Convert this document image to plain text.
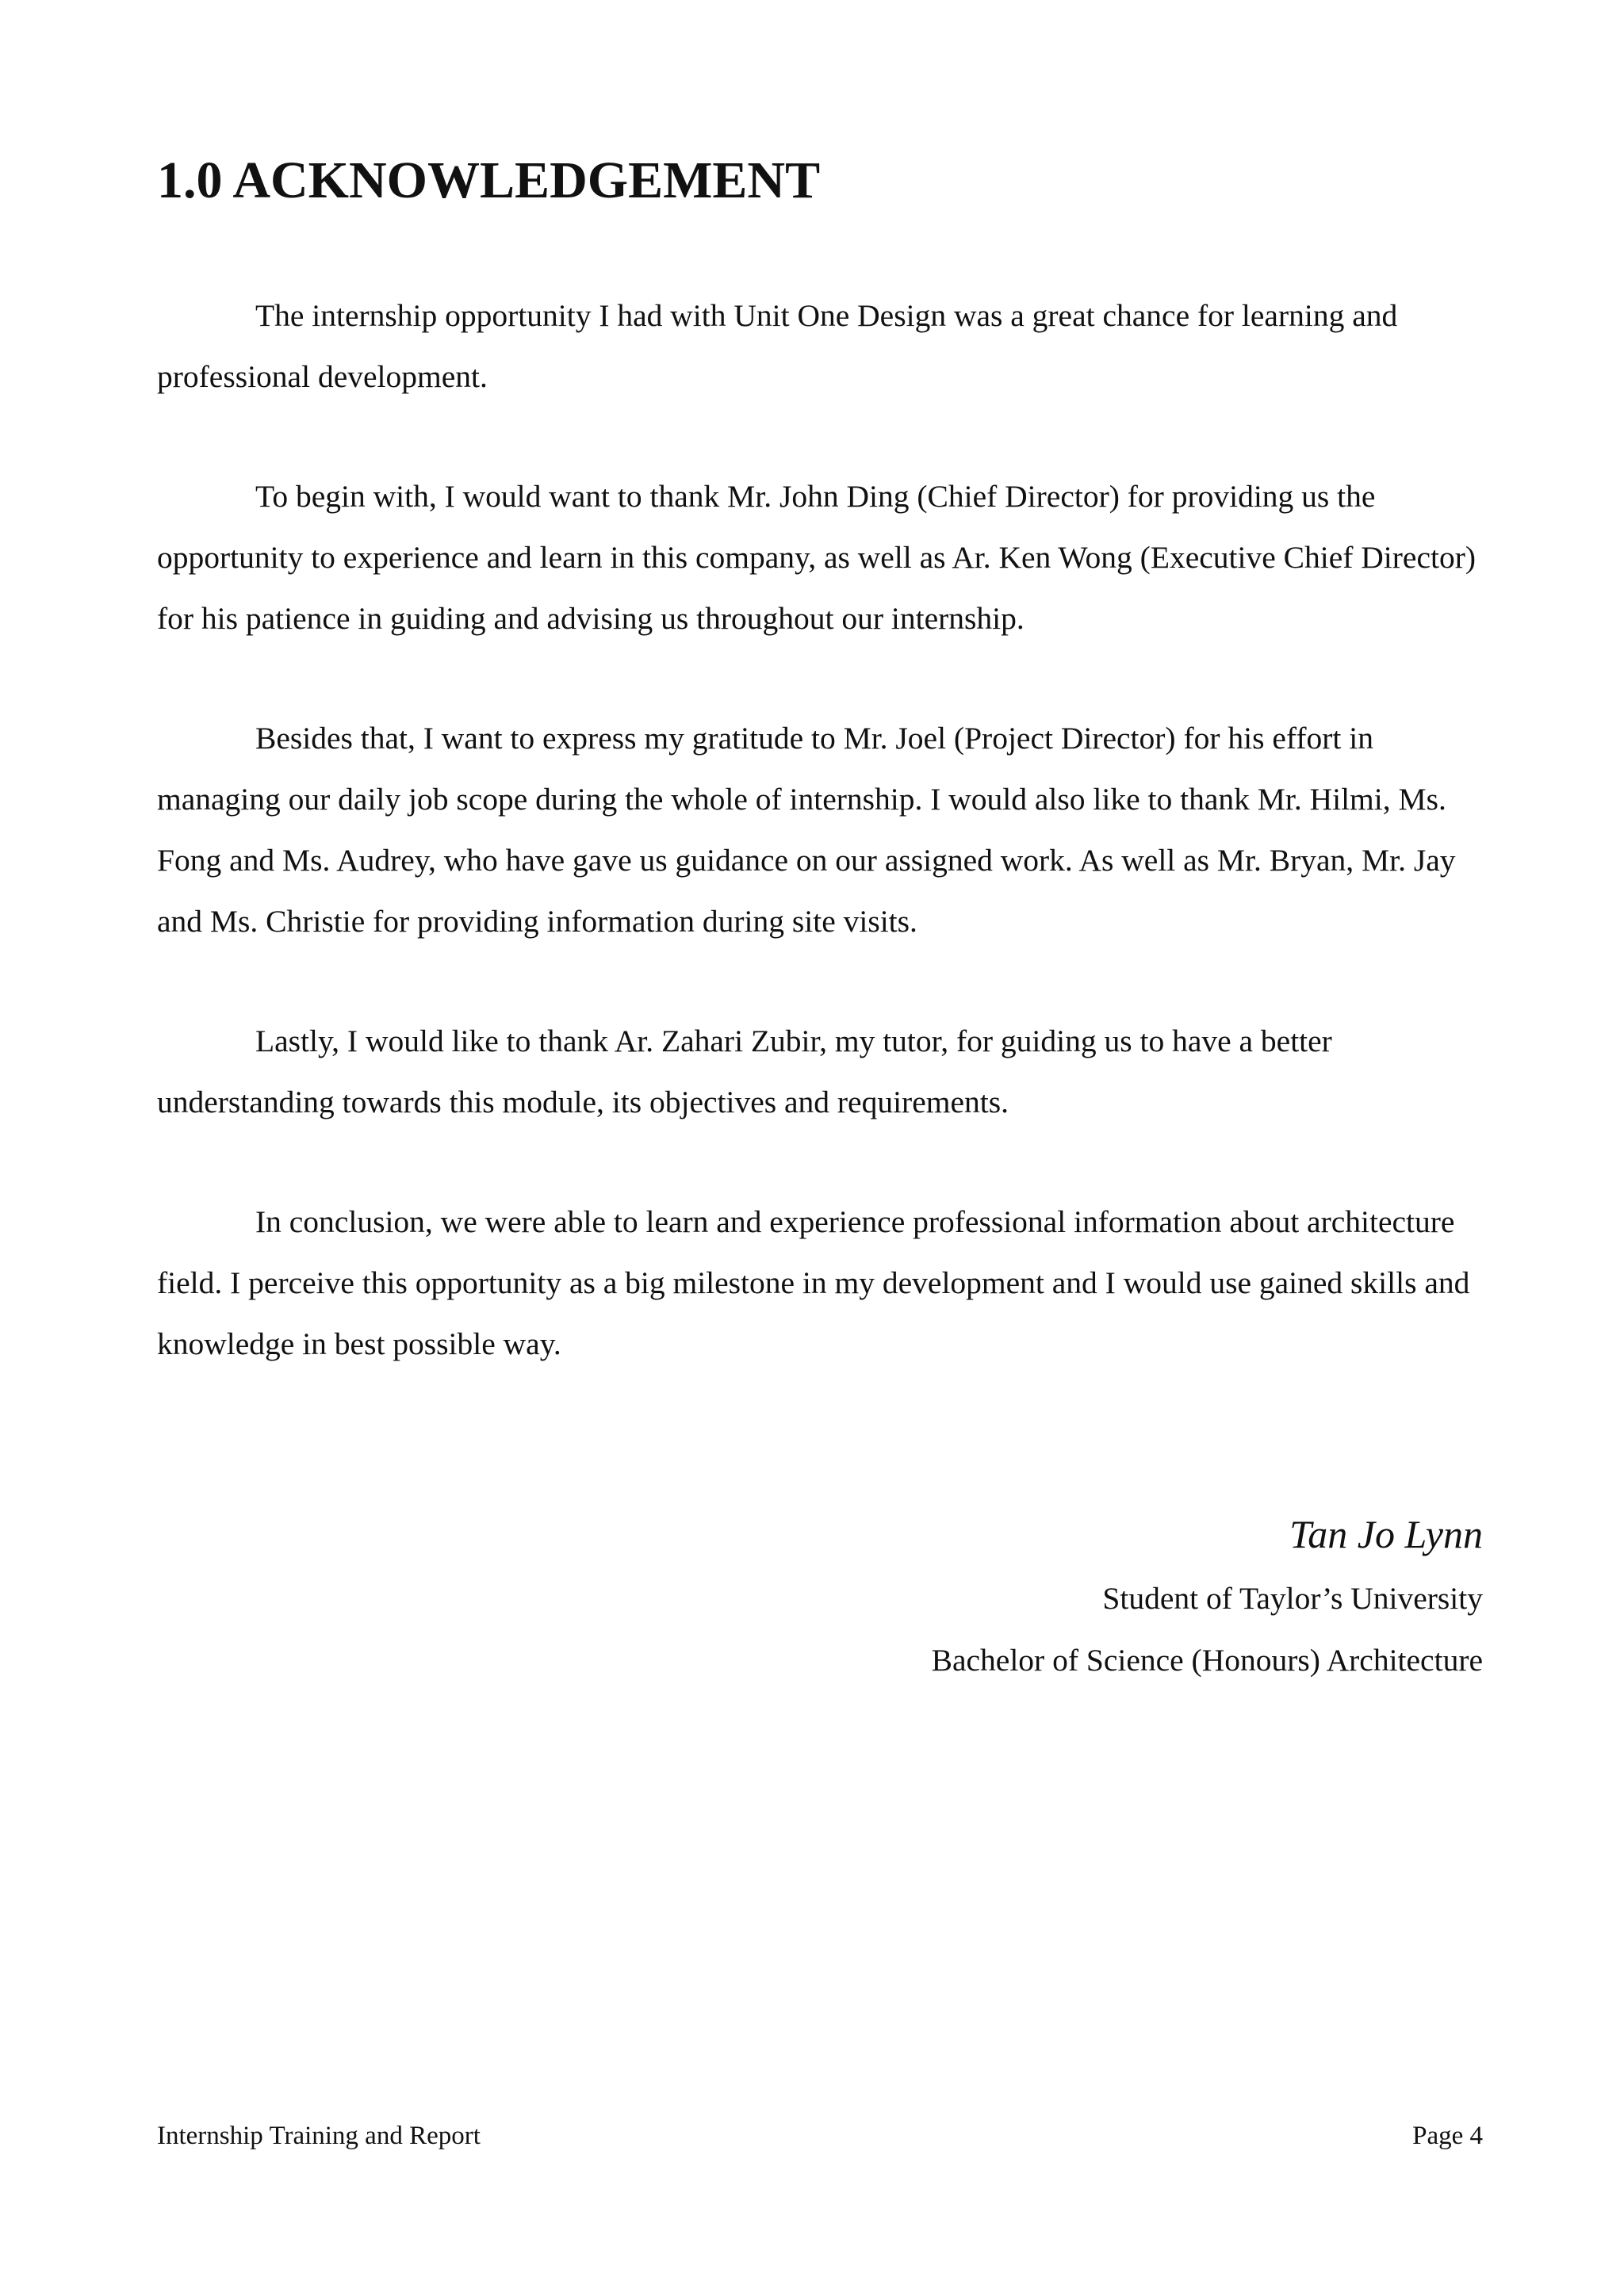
1.0 ACKNOWLEDGEMENT

The internship opportunity I had with Unit One Design was a great chance for learning and professional development.

To begin with, I would want to thank Mr. John Ding (Chief Director) for providing us the opportunity to experience and learn in this company, as well as Ar. Ken Wong (Executive Chief Director) for his patience in guiding and advising us throughout our internship.

Besides that, I want to express my gratitude to Mr. Joel (Project Director) for his effort in managing our daily job scope during the whole of internship. I would also like to thank Mr. Hilmi, Ms. Fong and Ms. Audrey, who have gave us guidance on our assigned work. As well as Mr. Bryan, Mr. Jay and Ms. Christie for providing information during site visits.

Lastly, I would like to thank Ar. Zahari Zubir, my tutor, for guiding us to have a better understanding towards this module, its objectives and requirements.

In conclusion, we were able to learn and experience professional information about architecture field. I perceive this opportunity as a big milestone in my development and I would use gained skills and knowledge in best possible way.

Tan Jo Lynn
Student of Taylor’s University
Bachelor of Science (Honours) Architecture
Internship Training and Report	Page 4
